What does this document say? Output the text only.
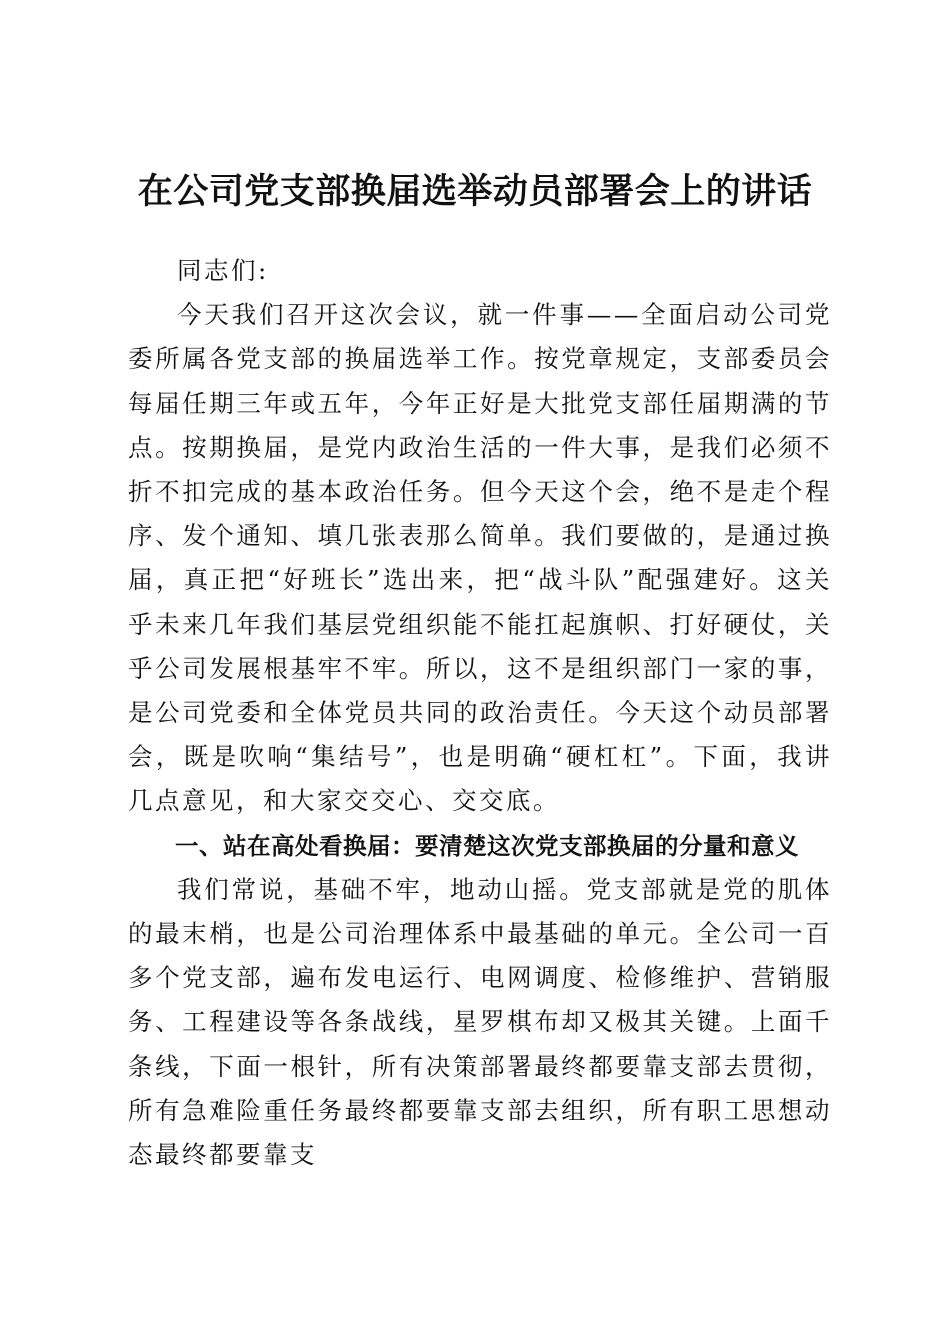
在公司党支部换届选举动员部署会上的讲话

同志们:

今天我们召开这次会议，就一件事——全面启动公司党委所属各党支部的换届选举工作。按党章规定，支部委员会每届任期三年或五年，今年正好是大批党支部任届期满的节点。按期换届，是党内政治生活的一件大事，是我们必须不折不扣完成的基本政治任务。但今天这个会，绝不是走个程序、发个通知、填几张表那么简单。我们要做的，是通过换届，真正把“好班长”选出来，把“战斗队”配强建好。这关乎未来几年我们基层党组织能不能扛起旗帜、打好硬仗，关乎公司发展根基牢不牢。所以，这不是组织部门一家的事，是公司党委和全体党员共同的政治责任。今天这个动员部署会，既是吹响“集结号”，也是明确“硬杠杠”。下面，我讲几点意见，和大家交交心、交交底。

一、站在高处看换届：要清楚这次党支部换届的分量和意义

我们常说，基础不牢，地动山摇。党支部就是党的肌体的最末梢，也是公司治理体系中最基础的单元。全公司一百多个党支部，遍布发电运行、电网调度、检修维护、营销服务、工程建设等各条战线，星罗棋布却又极其关键。上面千条线，下面一根针，所有决策部署最终都要靠支部去贯彻，所有急难险重任务最终都要靠支部去组织，所有职工思想动态最终都要靠支
